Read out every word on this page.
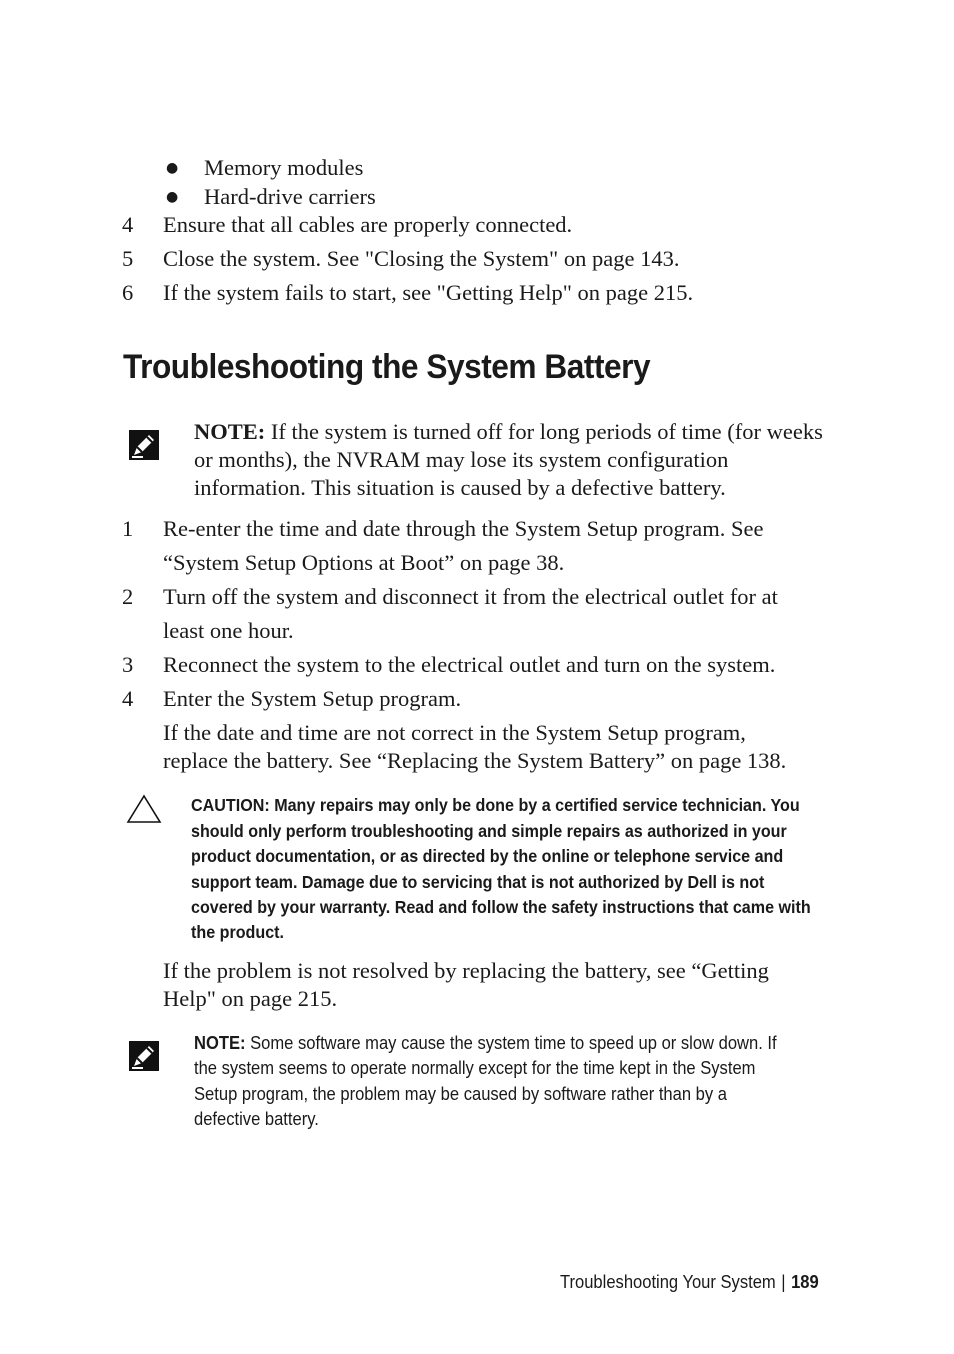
● Memory modules
● Hard-drive carriers
4 Ensure that all cables are properly connected.
5 Close the system. See "Closing the System" on page 143.
6 If the system fails to start, see "Getting Help" on page 215.
Troubleshooting the System Battery
NOTE: If the system is turned off for long periods of time (for weeks
or months), the NVRAM may lose its system configuration
information. This situation is caused by a defective battery.
1 Re-enter the time and date through the System Setup program. See
“System Setup Options at Boot” on page 38.
2 Turn off the system and disconnect it from the electrical outlet for at
least one hour.
3 Reconnect the system to the electrical outlet and turn on the system.
4 Enter the System Setup program.
If the date and time are not correct in the System Setup program,
replace the battery. See “Replacing the System Battery” on page 138.
CAUTION: Many repairs may only be done by a certified service technician. You
should only perform troubleshooting and simple repairs as authorized in your
product documentation, or as directed by the online or telephone service and
support team. Damage due to servicing that is not authorized by Dell is not
covered by your warranty. Read and follow the safety instructions that came with
the product.
If the problem is not resolved by replacing the battery, see “Getting
Help" on page 215.
NOTE: Some software may cause the system time to speed up or slow down. If
the system seems to operate normally except for the time kept in the System
Setup program, the problem may be caused by software rather than by a
defective battery.
Troubleshooting Your System | 189
